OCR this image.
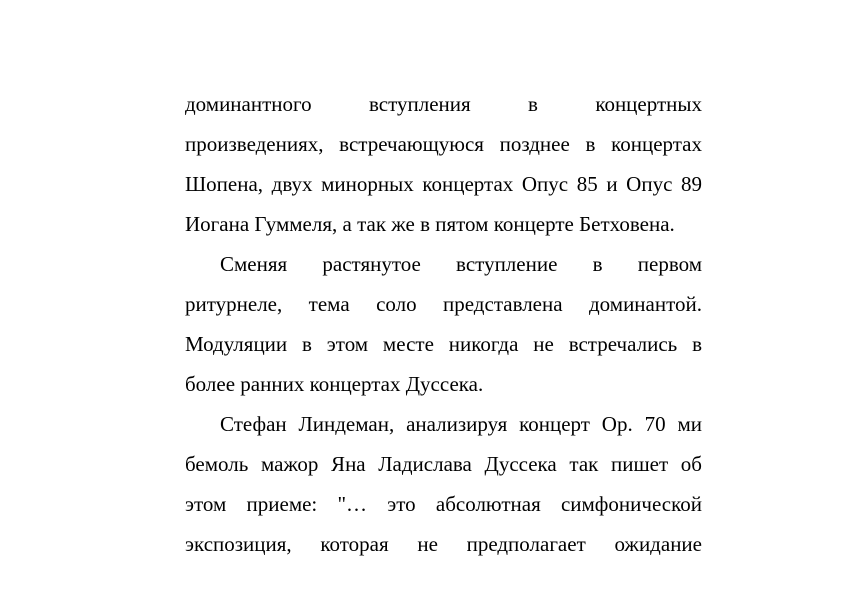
доминантного вступления в концертных
произведениях, встречающуюся позднее в концертах
Шопена, двух минорных концертах Опус 85 и Опус 89
Иогана Гуммеля, а так же в пятом концерте Бетховена.
Сменяя растянутое вступление в первом
ритурнеле, тема соло представлена доминантой.
Модуляции в этом месте никогда не встречались в
более ранних концертах Дуссека.
Стефан Линдеман, анализируя концерт Op. 70 ми
бемоль мажор Яна Ладислава Дуссека так пишет об
этом приеме: "… это абсолютная симфонической
экспозиция, которая не предполагает ожидание
